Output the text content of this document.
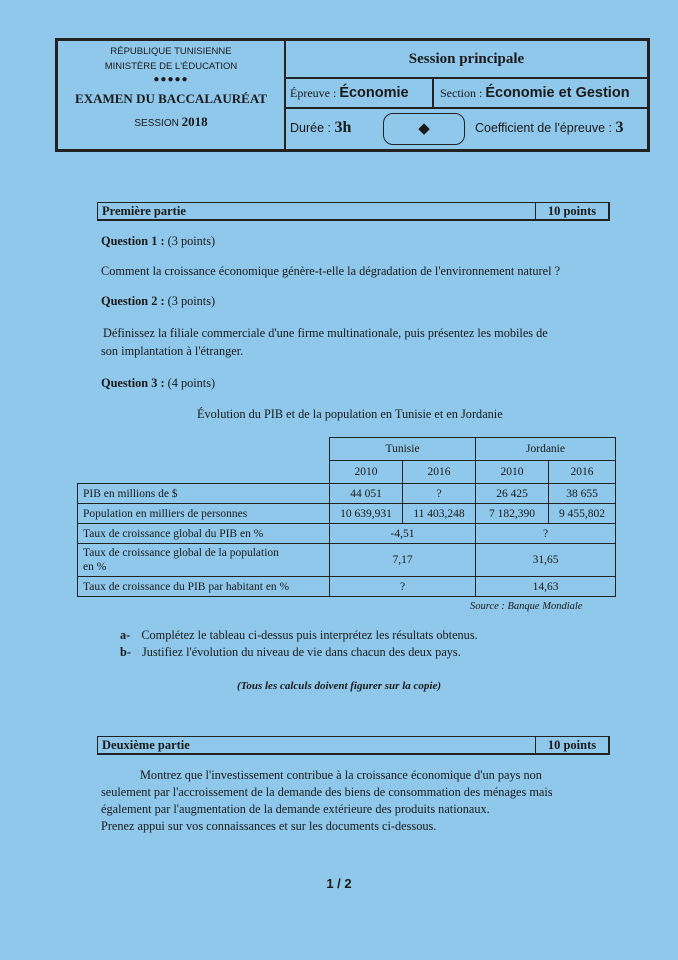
RÉPUBLIQUE TUNISIENNE
MINISTÈRE DE L'ÉDUCATION
●●●●●
EXAMEN DU BACCALAURÉAT
SESSION 2018
Session principale
Épreuve : Économie	Section : Économie et Gestion
Durée : 3h	◆	Coefficient de l'épreuve : 3
Première partie	10 points
Question 1 : (3 points)
Comment la croissance économique génère-t-elle la dégradation de l'environnement naturel ?
Question 2 : (3 points)
Définissez la filiale commerciale d'une firme multinationale, puis présentez les mobiles de
son implantation à l'étranger.
Question 3 : (4 points)
Évolution du PIB et de la population en Tunisie et en Jordanie
	Tunisie		Jordanie	
	2010	2016	2010	2016
PIB en millions de $	44 051	?	26 425	38 655
Population en milliers de personnes	10 639,931	11 403,248	7 182,390	9 455,802
Taux de croissance global du PIB en %	-4,51		?	
Taux de croissance global de la population
en %	7,17		31,65	
Taux de croissance du PIB par habitant en %	?		14,63	
Source : Banque Mondiale
a- Complétez le tableau ci-dessus puis interprétez les résultats obtenus.
b- Justifiez l'évolution du niveau de vie dans chacun des deux pays.
(Tous les calculs doivent figurer sur la copie)
Deuxième partie	10 points
Montrez que l'investissement contribue à la croissance économique d'un pays non
seulement par l'accroissement de la demande des biens de consommation des ménages mais
également par l'augmentation de la demande extérieure des produits nationaux.
Prenez appui sur vos connaissances et sur les documents ci-dessous.
1 / 2
